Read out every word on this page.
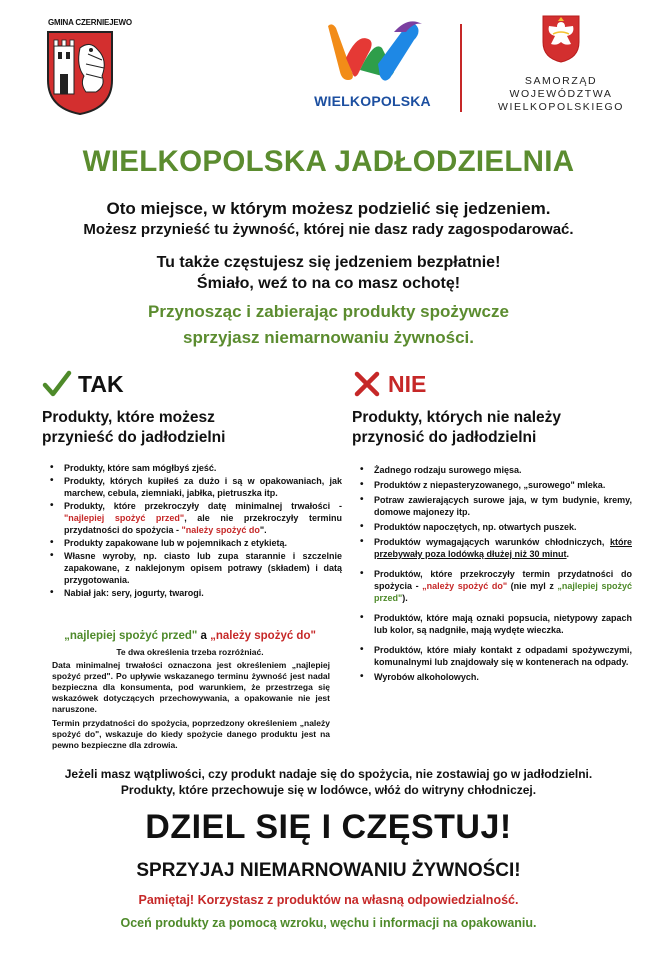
GMINA CZERNIEJEWO
WIELKOPOLSKA
SAMORZĄD
WOJEWÓDZTWA
WIELKOPOLSKIEGO
WIELKOPOLSKA JADŁODZIELNIA
Oto miejsce, w którym możesz podzielić się jedzeniem.
Możesz przynieść tu żywność, której nie dasz rady zagospodarować.
Tu także częstujesz się jedzeniem bezpłatnie!
Śmiało, weź to na co masz ochotę!
Przynosząc i zabierając produkty spożywcze
sprzyjasz niemarnowaniu żywności.
TAK
Produkty, które możesz
przynieść do jadłodzielni
• Produkty, które sam mógłbyś zjeść.
• Produkty, których kupiłeś za dużo i są w opakowaniach, jak marchew, cebula, ziemniaki, jabłka, pietruszka itp.
• Produkty, które przekroczyły datę minimalnej trwałości - "najlepiej spożyć przed", ale nie przekroczyły terminu przydatności do spożycia - "należy spożyć do".
• Produkty zapakowane lub w pojemnikach z etykietą.
• Własne wyroby, np. ciasto lub zupa starannie i szczelnie zapakowane, z naklejonym opisem potrawy (składem) i datą przygotowania.
• Nabiał jak: sery, jogurty, twarogi.
NIE
Produkty, których nie należy
przynosić do jadłodzielni
• Żadnego rodzaju surowego mięsa.
• Produktów z niepasteryzowanego, „surowego" mleka.
• Potraw zawierających surowe jaja, w tym budynie, kremy, domowe majonezy itp.
• Produktów napoczętych, np. otwartych puszek.
• Produktów wymagających warunków chłodniczych, które przebywały poza lodówką dłużej niż 30 minut.
• Produktów, które przekroczyły termin przydatności do spożycia - „należy spożyć do" (nie myl z „najlepiej spożyć przed").
• Produktów, które mają oznaki popsucia, nietypowy zapach lub kolor, są nadgniłe, mają wydęte wieczka.
• Produktów, które miały kontakt z odpadami spożywczymi, komunalnymi lub znajdowały się w kontenerach na odpady.
• Wyrobów alkoholowych.
„najlepiej spożyć przed" a „należy spożyć do"
Te dwa określenia trzeba rozróżniać.
Data minimalnej trwałości oznaczona jest określeniem „najlepiej spożyć przed". Po upływie wskazanego terminu żywność jest nadal bezpieczna dla konsumenta, pod warunkiem, że przestrzega się wskazówek dotyczących przechowywania, a opakowanie nie jest naruszone.
Termin przydatności do spożycia, poprzedzony określeniem „należy spożyć do", wskazuje do kiedy spożycie danego produktu jest na pewno bezpieczne dla zdrowia.
Jeżeli masz wątpliwości, czy produkt nadaje się do spożycia, nie zostawiaj go w jadłodzielni.
Produkty, które przechowuje się w lodówce, włóż do witryny chłodniczej.
DZIEL SIĘ I CZĘSTUJ!
SPRZYJAJ NIEMARNOWANIU ŻYWNOŚCI!
Pamiętaj! Korzystasz z produktów na własną odpowiedzialność.
Oceń produkty za pomocą wzroku, węchu i informacji na opakowaniu.
